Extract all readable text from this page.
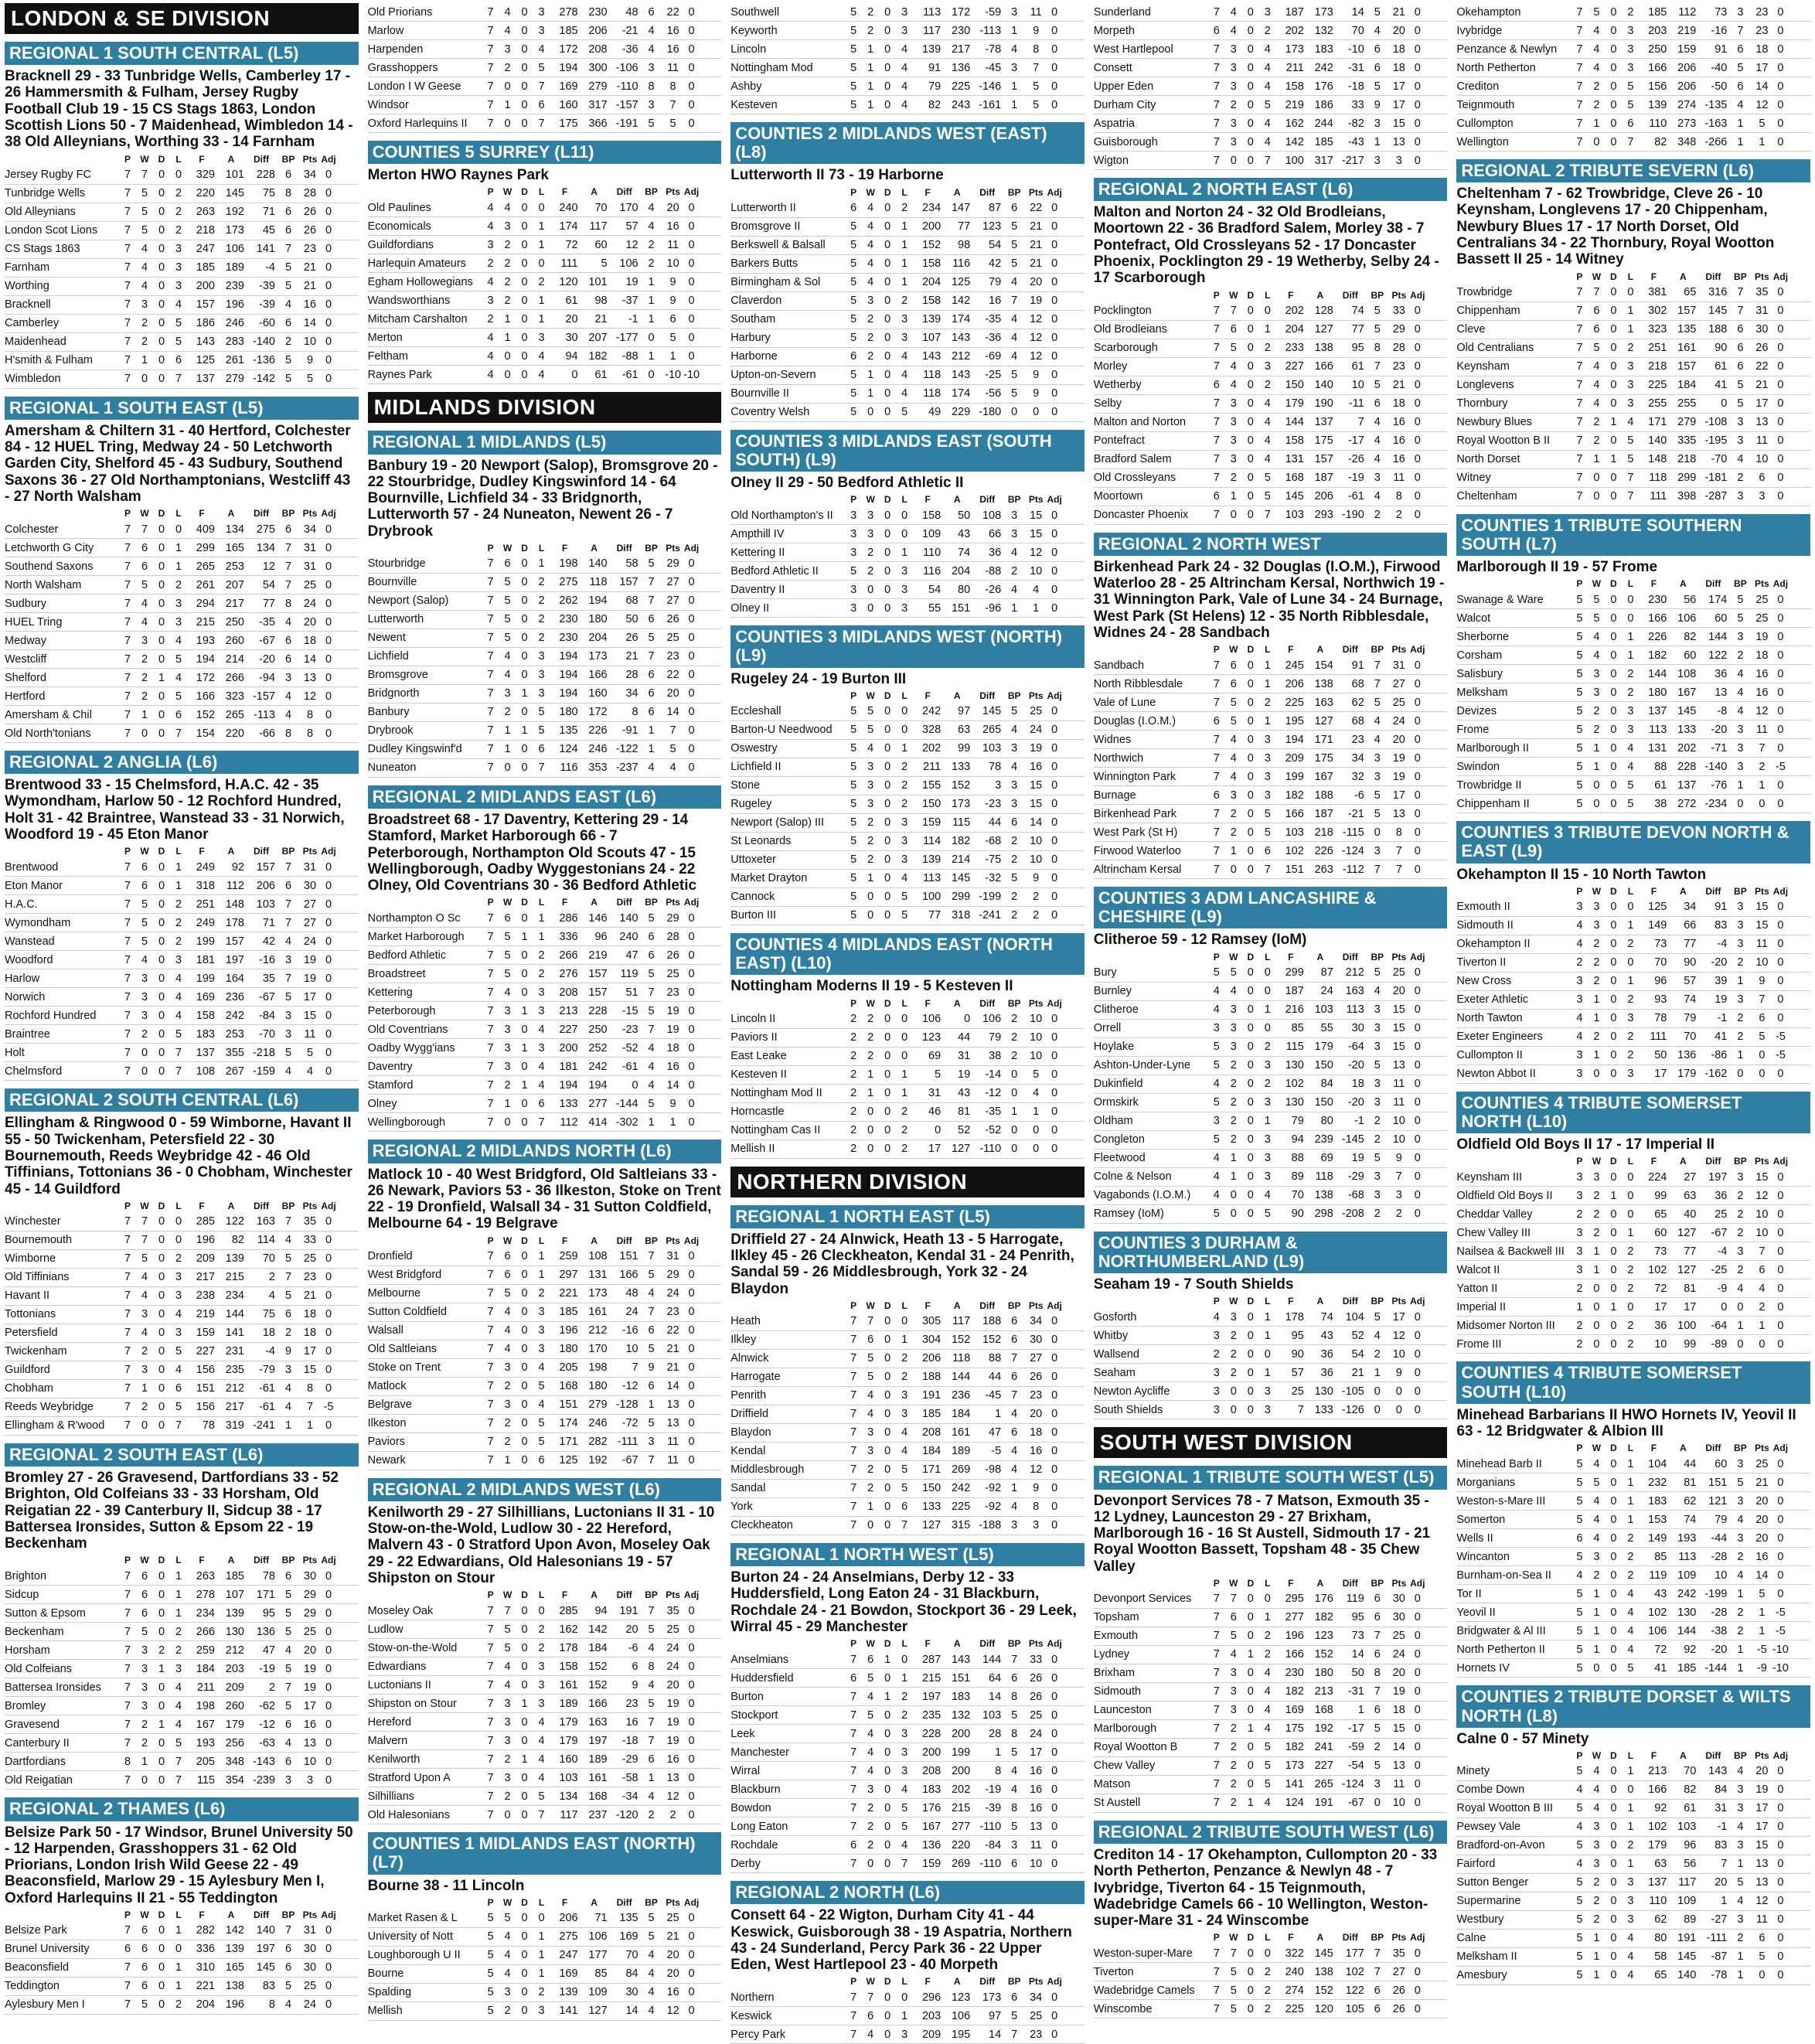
LONDON & SE DIVISION
REGIONAL 1 SOUTH CENTRAL (L5)
Bracknell 29 - 33 Tunbridge Wells, Camberley 17 - 26 Hammersmith & Fulham, Jersey Rugby Football Club 19 - 15 CS Stags 1863, London Scottish Lions 50 - 7 Maidenhead, Wimbledon 14 - 38 Old Alleynians, Worthing 33 - 14 Farnham
P	W	D	L	F	A	Diff	BP Pts Adj
Jersey Rugby FC	7 7 0 0	329 101	228 6	34 0
Tunbridge Wells	7 5 0 2	220 145	75 8	28 0
Old Alleynians	7 5 0 2	263 192	71 6	26 0
London Scot Lions	7 5 0 2	218 173	45 6	26 0
CS Stags 1863	7 4 0 3	247 106	141 7	23 0
Farnham	7 4 0 3	185 189	-4 5	21 0
Worthing	7 4 0 3	200 239	-39 5	21 0
Bracknell	7 3 0 4	157 196	-39 4	16 0
Camberley	7 2 0 5	186 246	-60 6	14 0
Maidenhead	7 2 0 5	143 283 -140 2	10 0
H'smith & Fulham	7 1 0 6	125 261 -136 5	9	0
Wimbledon	7 0 0 7	137 279 -142 5	5	0
REGIONAL 1 SOUTH EAST (L5)
Amersham & Chiltern 31 - 40 Hertford, Colchester 84 - 12 HUEL Tring, Medway 24 - 50 Letchworth Garden City, Shelford 45 - 43 Sudbury, Southend Saxons 36 - 27 Old Northamptonians, Westcliff 43 - 27 North Walsham
P	W	D	L	F	A	Diff	BP Pts Adj
Colchester	7 7 0 0	409 134	275 6	34 0
Letchworth G City	7 6 0 1	299 165	134 7	31 0
Southend Saxons	7 6 0 1	265 253	12 7	31 0
North Walsham	7 5 0 2	261 207	54 7	25 0
Sudbury	7 4 0 3	294 217	77 8	24 0
HUEL Tring	7 4 0 3	215 250	-35 4	20 0
Medway	7 3 0 4	193 260	-67 6	18 0
Westcliff	7 2 0 5	194 214	-20 6	14 0
Shelford	7 2 1 4	172 266	-94 3	13 0
Hertford	7 2 0 5	166 323 -157 4	12 0
Amersham & Chil	7 1 0 6	152 265 -113 4	8	0
Old North'tonians	7 0 0 7	154 220	-66 8	8	0
REGIONAL 2 ANGLIA (L6)
Brentwood 33 - 15 Chelmsford, H.A.C. 42 - 35 Wymondham, Harlow 50 - 12 Rochford Hundred, Holt 31 - 42 Braintree, Wanstead 33 - 31 Norwich, Woodford 19 - 45 Eton Manor
P	W	D	L	F	A	Diff	BP Pts Adj
Brentwood	7 6 0 1	249	92	157 7	31 0
Eton Manor	7 6 0 1	318	112	206 6	30 0
H.A.C.	7 5 0 2	251 148	103 7	27 0
Wymondham	7 5 0 2	249 178	71 7	27 0
Wanstead	7 5 0 2	199 157	42 4	24 0
Woodford	7 4 0 3	181 197	-16 3	19 0
Harlow	7 3 0 4	199 164	35 7	19 0
Norwich	7 3 0 4	169 236	-67 5	17 0
Rochford Hundred	7 3 0 4	158 242	-84 3	15 0
Braintree	7 2 0 5	183 253	-70 3	11 0
Holt	7 0 0 7	137 355 -218 5	5	0
Chelmsford	7 0 0 7	108 267 -159 4	4	0
REGIONAL 2 SOUTH CENTRAL (L6)
Ellingham & Ringwood 0 - 59 Wimborne, Havant II 55 - 50 Twickenham, Petersfield 22 - 30 Bournemouth, Reeds Weybridge 42 - 46 Old Tiffinians, Tottonians 36 - 0 Chobham, Winchester 45 - 14 Guildford
P	W	D	L	F	A	Diff	BP Pts Adj
Winchester	7 7 0 0	285 122	163 7	35 0
Bournemouth	7 7 0 0	196	82	114 4	33 0
Wimborne	7 5 0 2	209 139	70 5	25 0
Old Tiffinians	7 4 0 3	217 215	2 7	23 0
Havant II	7 4 0 3	238 234	4 5	21 0
Tottonians	7 3 0 4	219 144	75 6	18 0
Petersfield	7 4 0 3	159 141	18 2	18 0
Twickenham	7 2 0 5	227 231	-4 9	17 0
Guildford	7 3 0 4	156 235	-79 3	15 0
Chobham	7 1 0 6	151 212	-61 4	8	0
Reeds Weybridge	7 2 0 5	156 217	-61 4	7 -5
Ellingham & R'wood	7 0 0 7	78 319 -241 1	1	0
REGIONAL 2 SOUTH EAST (L6)
Bromley 27 - 26 Gravesend, Dartfordians 33 - 52 Brighton, Old Colfeians 33 - 33 Horsham, Old Reigatian 22 - 39 Canterbury II, Sidcup 38 - 17 Battersea Ironsides, Sutton & Epsom 22 - 19 Beckenham
P	W	D	L	F	A	Diff	BP Pts Adj
Brighton	7 6 0 1	263 185	78 6	30 0
Sidcup	7 6 0 1	278 107	171 5	29 0
Sutton & Epsom	7 6 0 1	234 139	95 5	29 0
Beckenham	7 5 0 2	266 130	136 5	25 0
Horsham	7 3 2 2	259 212	47 4	20 0
Old Colfeians	7 3 1 3	184 203	-19 5	19 0
Battersea Ironsides	7 3 0 4	211 209	2 7	19 0
Bromley	7 3 0 4	198 260	-62 5	17 0
Gravesend	7 2 1 4	167 179	-12 6	16 0
Canterbury II	7 2 0 5	193 256	-63 4	13 0
Dartfordians	8 1 0 7	205 348 -143 6	10 0
Old Reigatian	7 0 0 7	115 354 -239 3	3	0
REGIONAL 2 THAMES (L6)
Belsize Park 50 - 17 Windsor, Brunel University 50 - 12 Harpenden, Grasshoppers 31 - 62 Old Priorians, London Irish Wild Geese 22 - 49 Beaconsfield, Marlow 29 - 15 Aylesbury Men I, Oxford Harlequins II 21 - 55 Teddington
P	W	D	L	F	A	Diff	BP Pts Adj
Belsize Park	7 6 0 1	282 142	140 7	31 0
Brunel University	6 6 0 0	336 139	197 6	30 0
Beaconsfield	7 6 0 1	310 165	145 6	30 0
Teddington	7 6 0 1	221 138	83 5	25 0
Aylesbury Men I	7 5 0 2	204 196	8 4	24 0
Old Priorians	7 4 0 3	278 230	48 6	22 0
Marlow	7 4 0 3	185 206	-21 4	16 0
Harpenden	7 3 0 4	172 208	-36 4	16 0
Grasshoppers	7 2 0 5	194 300 -106 3	11 0
London I W Geese	7 0 0 7	169 279 -110 8	8	0
Windsor	7 1 0 6	160 317 -157 3	7	0
Oxford Harlequins II	7 0 0 7	175 366 -191 5	5	0
COUNTIES 5 SURREY (L11)
Merton HWO Raynes Park
P	W	D	L	F	A	Diff	BP Pts Adj
Old Paulines	4 4 0 0	240	70	170 4	20 0
Economicals	4 3 0 1	174	117	57 4	16 0
Guildfordians	3 2 0 1	72	60	12 2	11 0
Harlequin Amateurs	2 2 0 0	111	5	106 2	10 0
Egham Hollowegians	4 2 0 2	120 101	19 1	9	0
Wandsworthians	3 2 0 1	61	98	-37 1	9	0
Mitcham Carshalton	2 1 0 1	20	21	-1 1	6	0
Merton	4 1 0 3	30 207 -177 0	5	0
Feltham	4 0 0 4	94 182	-88 1	1	0
Raynes Park	4 0 0 4	0	61	-61 0 -10 -10
MIDLANDS DIVISION
REGIONAL 1 MIDLANDS (L5)
Banbury 19 - 20 Newport (Salop), Bromsgrove 20 - 22 Stourbridge, Dudley Kingswinford 14 - 64 Bournville, Lichfield 34 - 33 Bridgnorth, Lutterworth 57 - 24 Nuneaton, Newent 26 - 7 Drybrook
P	W	D	L	F	A	Diff	BP Pts Adj
Stourbridge	7 6 0 1	198 140	58 5	29 0
Bournville	7 5 0 2	275	118	157 7	27 0
Newport (Salop)	7 5 0 2	262 194	68 7	27 0
Lutterworth	7 5 0 2	230 180	50 6	26 0
Newent	7 5 0 2	230 204	26 5	25 0
Lichfield	7 4 0 3	194 173	21 7	23 0
Bromsgrove	7 4 0 3	194 166	28 6	22 0
Bridgnorth	7 3 1 3	194 160	34 6	20 0
Banbury	7 2 0 5	180 172	8 6	14 0
Drybrook	7 1 1 5	135 226	-91 1	7	0
Dudley Kingswinf'd	7 1 0 6	124 246 -122 1	5	0
Nuneaton	7 0 0 7	116 353 -237 4	4	0
REGIONAL 2 MIDLANDS EAST (L6)
Broadstreet 68 - 17 Daventry, Kettering 29 - 14 Stamford, Market Harborough 66 - 7 Peterborough, Northampton Old Scouts 47 - 15 Wellingborough, Oadby Wyggestonians 24 - 22 Olney, Old Coventrians 30 - 36 Bedford Athletic
P	W	D	L	F	A	Diff	BP Pts Adj
Northampton O Sc	7 6 0 1	286 146	140 5	29 0
Market Harborough	7 5 1 1	336	96	240 6	28 0
Bedford Athletic	7 5 0 2	266 219	47 6	26 0
Broadstreet	7 5 0 2	276 157	119 5	25 0
Kettering	7 4 0 3	208 157	51 7	23 0
Peterborough	7 3 1 3	213 228	-15 5	19 0
Old Coventrians	7 3 0 4	227 250	-23 7	19 0
Oadby Wygg'ians	7 3 1 3	200 252	-52 4	18 0
Daventry	7 3 0 4	181 242	-61 4	16 0
Stamford	7 2 1 4	194 194	0 4	14 0
Olney	7 1 0 6	133 277 -144 5	9	0
Wellingborough	7 0 0 7	112 414 -302 1	1	0
REGIONAL 2 MIDLANDS NORTH (L6)
Matlock 10 - 40 West Bridgford, Old Saltleians 33 - 26 Newark, Paviors 53 - 36 Ilkeston, Stoke on Trent 22 - 19 Dronfield, Walsall 34 - 31 Sutton Coldfield, Melbourne 64 - 19 Belgrave
P	W	D	L	F	A	Diff	BP Pts Adj
Dronfield	7 6 0 1	259 108	151 7	31 0
West Bridgford	7 6 0 1	297 131	166 5	29 0
Melbourne	7 5 0 2	221 173	48 4	24 0
Sutton Coldfield	7 4 0 3	185 161	24 7	23 0
Walsall	7 4 0 3	196 212	-16 6	22 0
Old Saltleians	7 4 0 3	180 170	10 5	21 0
Stoke on Trent	7 3 0 4	205 198	7 9	21 0
Matlock	7 2 0 5	168 180	-12 6	14 0
Belgrave	7 3 0 4	151 279 -128 1	13 0
Ilkeston	7 2 0 5	174 246	-72 5	13 0
Paviors	7 2 0 5	171 282 -111 3	11 0
Newark	7 1 0 6	125 192	-67 7	11 0
REGIONAL 2 MIDLANDS WEST (L6)
Kenilworth 29 - 27 Silhillians, Luctonians II 31 - 10 Stow-on-the-Wold, Ludlow 30 - 22 Hereford, Malvern 43 - 0 Stratford Upon Avon, Moseley Oak 29 - 22 Edwardians, Old Halesonians 19 - 57 Shipston on Stour
P	W	D	L	F	A	Diff	BP Pts Adj
Moseley Oak	7 7 0 0	285	94	191 7	35 0
Ludlow	7 5 0 2	162 142	20 5	25 0
Stow-on-the-Wold	7 5 0 2	178 184	-6 4	24 0
Edwardians	7 4 0 3	158 152	6 8	24 0
Luctonians II	7 4 0 3	161 152	9 4	20 0
Shipston on Stour	7 3 1 3	189 166	23 5	19 0
Hereford	7 3 0 4	179 163	16 7	19 0
Malvern	7 3 0 4	179 197	-18 7	19 0
Kenilworth	7 2 1 4	160 189	-29 6	16 0
Stratford Upon A	7 3 0 4	103 161	-58 1	13 0
Silhillians	7 2 0 5	134 168	-34 4	12 0
Old Halesonians	7 0 0 7	117 237 -120 2	2	0
COUNTIES 1 MIDLANDS EAST (NORTH) (L7)
Bourne 38 - 11 Lincoln
P	W	D	L	F	A	Diff	BP Pts Adj
Market Rasen & L	5 5 0 0	206	71	135 5	25 0
University of Nott	5 4 0 1	275 106	169 5	21 0
Loughborough U II	5 4 0 1	247 177	70 4	20 0
Bourne	5 4 0 1	169	85	84 4	20 0
Spalding	5 3 0 2	139 109	30 4	16 0
Mellish	5 2 0 3	141 127	14 4	12 0
Southwell	5 2 0 3	113 172	-59 3	11 0
Keyworth	5 2 0 3	117 230 -113 1	9	0
Lincoln	5 1 0 4	139 217	-78 4	8	0
Nottingham Mod	5 1 0 4	91 136	-45 3	7	0
Ashby	5 1 0 4	79 225 -146 1	5	0
Kesteven	5 1 0 4	82 243 -161 1	5	0
COUNTIES 2 MIDLANDS WEST (EAST) (L8)
Lutterworth II 73 - 19 Harborne
P	W	D	L	F	A	Diff	BP Pts Adj
Lutterworth II	6 4 0 2	234 147	87 6	22 0
Bromsgrove II	5 4 0 1	200	77	123 5	21 0
Berkswell & Balsall	5 4 0 1	152	98	54 5	21 0
Barkers Butts	5 4 0 1	158	116	42 5	21 0
Birmingham & Sol	5 4 0 1	204 125	79 4	20 0
Claverdon	5 3 0 2	158 142	16 7	19 0
Southam	5 2 0 3	139 174	-35 4	12 0
Harbury	5 2 0 3	107 143	-36 4	12 0
Harborne	6 2 0 4	143 212	-69 4	12 0
Upton-on-Severn	5 1 0 4	118 143	-25 5	9	0
Bournville II	5 1 0 4	118 174	-56 5	9	0
Coventry Welsh	5 0 0 5	49 229 -180 0	0	0
COUNTIES 3 MIDLANDS EAST (SOUTH SOUTH) (L9)
Olney II 29 - 50 Bedford Athletic II
P	W	D	L	F	A	Diff	BP Pts Adj
Old Northampton's II	3 3 0 0	158	50	108 3	15 0
Ampthill IV	3 3 0 0	109	43	66 3	15 0
Kettering II	3 2 0 1	110	74	36 4	12 0
Bedford Athletic II	5 2 0 3	116 204	-88 2	10 0
Daventry II	3 0 0 3	54	80	-26 4	4	0
Olney II	3 0 0 3	55 151	-96 1	1	0
COUNTIES 3 MIDLANDS WEST (NORTH) (L9)
Rugeley 24 - 19 Burton III
P	W	D	L	F	A	Diff	BP Pts Adj
Eccleshall	5 5 0 0	242	97	145 5	25 0
Barton-U Needwood	5 5 0 0	328	63	265 4	24 0
Oswestry	5 4 0 1	202	99	103 3	19 0
Lichfield II	5 3 0 2	211 133	78 4	16 0
Stone	5 3 0 2	155 152	3 3	15 0
Rugeley	5 3 0 2	150 173	-23 3	15 0
Newport (Salop) III	5 2 0 3	159	115	44 6	14 0
St Leonards	5 2 0 3	114 182	-68 2	10 0
Uttoxeter	5 2 0 3	139 214	-75 2	10 0
Market Drayton	5 1 0 4	113 145	-32 5	9	0
Cannock	5 0 0 5	100 299 -199 2	2	0
Burton III	5 0 0 5	77 318 -241 2	2	0
COUNTIES 4 MIDLANDS EAST (NORTH EAST) (L10)
Nottingham Moderns II 19 - 5 Kesteven II
P	W	D	L	F	A	Diff	BP Pts Adj
Lincoln II	2 2 0 0	106	0	106 2	10 0
Paviors II	2 2 0 0	123	44	79 2	10 0
East Leake	2 2 0 0	69	31	38 2	10 0
Kesteven II	2 1 0 1	5	19	-14 0	5	0
Nottingham Mod II	2 1 0 1	31	43	-12 0	4	0
Horncastle	2 0 0 2	46	81	-35 1	1	0
Nottingham Cas II	2 0 0 2	0	52	-52 0	0	0
Mellish II	2 0 0 2	17 127 -110 0	0	0
NORTHERN DIVISION
REGIONAL 1 NORTH EAST (L5)
Driffield 27 - 24 Alnwick, Heath 13 - 5 Harrogate, Ilkley 45 - 26 Cleckheaton, Kendal 31 - 24 Penrith, Sandal 59 - 26 Middlesbrough, York 32 - 24 Blaydon
P	W	D	L	F	A	Diff	BP Pts Adj
Heath	7 7 0 0	305	117	188 6	34 0
Ilkley	7 6 0 1	304 152	152 6	30 0
Alnwick	7 5 0 2	206	118	88 7	27 0
Harrogate	7 5 0 2	188 144	44 6	26 0
Penrith	7 4 0 3	191 236	-45 7	23 0
Driffield	7 4 0 3	185 184	1 4	20 0
Blaydon	7 3 0 4	208 161	47 6	18 0
Kendal	7 3 0 4	184 189	-5 4	16 0
Middlesbrough	7 2 0 5	171 269	-98 4	12 0
Sandal	7 2 0 5	150 242	-92 1	9	0
York	7 1 0 6	133 225	-92 4	8	0
Cleckheaton	7 0 0 7	127 315 -188 3	3	0
REGIONAL 1 NORTH WEST (L5)
Burton 24 - 24 Anselmians, Derby 12 - 33 Huddersfield, Long Eaton 24 - 31 Blackburn, Rochdale 24 - 21 Bowdon, Stockport 36 - 29 Leek, Wirral 45 - 29 Manchester
P	W	D	L	F	A	Diff	BP Pts Adj
Anselmians	7 6 1 0	287 143	144 7	33 0
Huddersfield	6 5 0 1	215 151	64 6	26 0
Burton	7 4 1 2	197 183	14 8	26 0
Stockport	7 5 0 2	235 132	103 5	25 0
Leek	7 4 0 3	228 200	28 8	24 0
Manchester	7 4 0 3	200 199	1 5	17 0
Wirral	7 4 0 3	208 200	8 4	16 0
Blackburn	7 3 0 4	183 202	-19 4	16 0
Bowdon	7 2 0 5	176 215	-39 8	16 0
Long Eaton	7 2 0 5	167 277 -110 5	13 0
Rochdale	6 2 0 4	136 220	-84 3	11 0
Derby	7 0 0 7	159 269 -110 6	10 0
REGIONAL 2 NORTH (L6)
Consett 64 - 22 Wigton, Durham City 41 - 44 Keswick, Guisborough 38 - 19 Aspatria, Northern 43 - 24 Sunderland, Percy Park 36 - 22 Upper Eden, West Hartlepool 23 - 40 Morpeth
P	W	D	L	F	A	Diff	BP Pts Adj
Northern	7 7 0 0	296 123	173 6	34 0
Keswick	7 6 0 1	203 106	97 5	25 0
Percy Park	7 4 0 3	209 195	14 7	23 0
Sunderland	7 4 0 3	187 173	14 5	21 0
Morpeth	6 4 0 2	202 132	70 4	20 0
West Hartlepool	7 3 0 4	173 183	-10 6	18 0
Consett	7 3 0 4	211 242	-31 6	18 0
Upper Eden	7 3 0 4	158 176	-18 5	17 0
Durham City	7 2 0 5	219 186	33 9	17 0
Aspatria	7 3 0 4	162 244	-82 3	15 0
Guisborough	7 3 0 4	142 185	-43 1	13 0
Wigton	7 0 0 7	100 317 -217 3	3	0
REGIONAL 2 NORTH EAST (L6)
Malton and Norton 24 - 32 Old Brodleians, Moortown 22 - 36 Bradford Salem, Morley 38 - 7 Pontefract, Old Crossleyans 52 - 17 Doncaster Phoenix, Pocklington 29 - 19 Wetherby, Selby 24 - 17 Scarborough
P	W	D	L	F	A	Diff	BP Pts Adj
Pocklington	7 7 0 0	202 128	74 5	33 0
Old Brodleians	7 6 0 1	204 127	77 5	29 0
Scarborough	7 5 0 2	233 138	95 8	28 0
Morley	7 4 0 3	227 166	61 7	23 0
Wetherby	6 4 0 2	150 140	10 5	21 0
Selby	7 3 0 4	179 190	-11 6	18 0
Malton and Norton	7 3 0 4	144 137	7 4	16 0
Pontefract	7 3 0 4	158 175	-17 4	16 0
Bradford Salem	7 3 0 4	131 157	-26 4	16 0
Old Crossleyans	7 2 0 5	168 187	-19 3	11 0
Moortown	6 1 0 5	145 206	-61 4	8	0
Doncaster Phoenix	7 0 0 7	103 293 -190 2	2	0
REGIONAL 2 NORTH WEST
Birkenhead Park 24 - 32 Douglas (I.O.M.), Firwood Waterloo 28 - 25 Altrincham Kersal, Northwich 19 - 31 Winnington Park, Vale of Lune 34 - 24 Burnage, West Park (St Helens) 12 - 35 North Ribblesdale, Widnes 24 - 28 Sandbach
P	W	D	L	F	A	Diff	BP Pts Adj
Sandbach	7 6 0 1	245 154	91 7	31 0
North Ribblesdale	7 6 0 1	206 138	68 7	27 0
Vale of Lune	7 5 0 2	225 163	62 5	25 0
Douglas (I.O.M.)	6 5 0 1	195 127	68 4	24 0
Widnes	7 4 0 3	194 171	23 4	20 0
Northwich	7 4 0 3	209 175	34 3	19 0
Winnington Park	7 4 0 3	199 167	32 3	19 0
Burnage	6 3 0 3	182 188	-6 5	17 0
Birkenhead Park	7 2 0 5	166 187	-21 5	13 0
West Park (St H)	7 2 0 5	103 218 -115 0	8	0
Firwood Waterloo	7 1 0 6	102 226 -124 3	7	0
Altrincham Kersal	7 0 0 7	151 263 -112 7	7	0
COUNTIES 3 ADM LANCASHIRE & CHESHIRE (L9)
Clitheroe 59 - 12 Ramsey (IoM)
P	W	D	L	F	A	Diff	BP Pts Adj
Bury	5 5 0 0	299	87	212 5	25 0
Burnley	4 4 0 0	187	24	163 4	20 0
Clitheroe	4 3 0 1	216 103	113 3	15 0
Orrell	3 3 0 0	85	55	30 3	15 0
Hoylake	5 3 0 2	115 179	-64 3	15 0
Ashton-Under-Lyne	5 2 0 3	130 150	-20 5	13 0
Dukinfield	4 2 0 2	102	84	18 3	11 0
Ormskirk	5 2 0 3	130 150	-20 3	11 0
Oldham	3 2 0 1	79	80	-1 2	10 0
Congleton	5 2 0 3	94 239 -145 2	10 0
Fleetwood	4 1 0 3	88	69	19 5	9	0
Colne & Nelson	4 1 0 3	89	118	-29 3	7	0
Vagabonds (I.O.M.)	4 0 0 4	70 138	-68 3	3	0
Ramsey (IoM)	5 0 0 5	90 298 -208 2	2	0
COUNTIES 3 DURHAM & NORTHUMBERLAND (L9)
Seaham 19 - 7 South Shields
P	W	D	L	F	A	Diff	BP Pts Adj
Gosforth	4 3 0 1	178	74	104 5	17 0
Whitby	3 2 0 1	95	43	52 4	12 0
Wallsend	2 2 0 0	90	36	54 2	10 0
Seaham	3 2 0 1	57	36	21 1	9	0
Newton Aycliffe	3 0 0 3	25 130 -105 0	0	0
South Shields	3 0 0 3	7 133 -126 0	0	0
SOUTH WEST DIVISION
REGIONAL 1 TRIBUTE SOUTH WEST (L5)
Devonport Services 78 - 7 Matson, Exmouth 35 - 12 Lydney, Launceston 29 - 27 Brixham, Marlborough 16 - 16 St Austell, Sidmouth 17 - 21 Royal Wootton Bassett, Topsham 48 - 35 Chew Valley
P	W	D	L	F	A	Diff	BP Pts Adj
Devonport Services	7 7 0 0	295 176	119 6	30 0
Topsham	7 6 0 1	277 182	95 6	30 0
Exmouth	7 5 0 2	196 123	73 7	25 0
Lydney	7 4 1 2	166 152	14 6	24 0
Brixham	7 3 0 4	230 180	50 8	20 0
Sidmouth	7 3 0 4	182 213	-31 7	19 0
Launceston	7 3 0 4	169 168	1 6	18 0
Marlborough	7 2 1 4	175 192	-17 5	15 0
Royal Wootton B	7 2 0 5	182 241	-59 2	14 0
Chew Valley	7 2 0 5	173 227	-54 5	13 0
Matson	7 2 0 5	141 265 -124 3	11 0
St Austell	7 2 1 4	124 191	-67 0	10 0
REGIONAL 2 TRIBUTE SOUTH WEST (L6)
Crediton 14 - 17 Okehampton, Cullompton 20 - 33 North Petherton, Penzance & Newlyn 48 - 7 Ivybridge, Tiverton 64 - 15 Teignmouth, Wadebridge Camels 66 - 10 Wellington, Weston-super-Mare 31 - 24 Winscombe
P	W	D	L	F	A	Diff	BP Pts Adj
Weston-super-Mare	7 7 0 0	322 145	177 7	35 0
Tiverton	7 5 0 2	240 138	102 7	27 0
Wadebridge Camels	7 5 0 2	274 152	122 6	26 0
Winscombe	7 5 0 2	225 120	105 6	26 0
Okehampton	7 5 0 2	185	112	73 3	23 0
Ivybridge	7 4 0 3	203 219	-16 7	23 0
Penzance & Newlyn	7 4 0 3	250 159	91 6	18 0
North Petherton	7 4 0 3	166 206	-40 5	17 0
Crediton	7 2 0 5	156 206	-50 6	14 0
Teignmouth	7 2 0 5	139 274 -135 4	12 0
Cullompton	7 1 0 6	110 273 -163 1	5	0
Wellington	7 0 0 7	82 348 -266 1	1	0
REGIONAL 2 TRIBUTE SEVERN (L6)
Cheltenham 7 - 62 Trowbridge, Cleve 26 - 10 Keynsham, Longlevens 17 - 20 Chippenham, Newbury Blues 17 - 17 North Dorset, Old Centralians 34 - 22 Thornbury, Royal Wootton Bassett II 25 - 14 Witney
P	W	D	L	F	A	Diff	BP Pts Adj
Trowbridge	7 7 0 0	381	65	316 7	35 0
Chippenham	7 6 0 1	302 157	145 7	31 0
Cleve	7 6 0 1	323 135	188 6	30 0
Old Centralians	7 5 0 2	251 161	90 6	26 0
Keynsham	7 4 0 3	218 157	61 6	22 0
Longlevens	7 4 0 3	225 184	41 5	21 0
Thornbury	7 4 0 3	255 255	0 5	17 0
Newbury Blues	7 2 1 4	171 279 -108 3	13 0
Royal Wootton B II	7 2 0 5	140 335 -195 3	11 0
North Dorset	7 1 1 5	148 218	-70 4	10 0
Witney	7 0 0 7	118 299 -181 2	6	0
Cheltenham	7 0 0 7	111 398 -287 3	3	0
COUNTIES 1 TRIBUTE SOUTHERN SOUTH (L7)
Marlborough II 19 - 57 Frome
P	W	D	L	F	A	Diff	BP Pts Adj
Swanage & Ware	5 5 0 0	230	56	174 5	25 0
Walcot	5 5 0 0	166 106	60 5	25 0
Sherborne	5 4 0 1	226	82	144 3	19 0
Corsham	5 4 0 1	182	60	122 2	18 0
Salisbury	5 3 0 2	144 108	36 4	16 0
Melksham	5 3 0 2	180 167	13 4	16 0
Devizes	5 2 0 3	137 145	-8 4	12 0
Frome	5 2 0 3	113 133	-20 3	11 0
Marlborough II	5 1 0 4	131 202	-71 3	7	0
Swindon	5 1 0 4	88 228 -140 3	2 -5
Trowbridge II	5 0 0 5	61 137	-76 1	1	0
Chippenham II	5 0 0 5	38 272 -234 0	0	0
COUNTIES 3 TRIBUTE DEVON NORTH & EAST (L9)
Okehampton II 15 - 10 North Tawton
P	W	D	L	F	A	Diff	BP Pts Adj
Exmouth II	3 3 0 0	125	34	91 3	15 0
Sidmouth II	4 3 0 1	149	66	83 3	15 0
Okehampton II	4 2 0 2	73	77	-4 3	11 0
Tiverton II	2 2 0 0	70	90	-20 2	10 0
New Cross	3 2 0 1	96	57	39 1	9	0
Exeter Athletic	3 1 0 2	93	74	19 3	7	0
North Tawton	4 1 0 3	78	79	-1 2	6	0
Exeter Engineers	4 2 0 2	111	70	41 2	5 -5
Cullompton II	3 1 0 2	50 136	-86 1	0 -5
Newton Abbot II	3 0 0 3	17 179 -162 0	0	0
COUNTIES 4 TRIBUTE SOMERSET NORTH (L10)
Oldfield Old Boys II 17 - 17 Imperial II
P	W	D	L	F	A	Diff	BP Pts Adj
Keynsham III	3 3 0 0	224	27	197 3	15 0
Oldfield Old Boys II	3 2 1 0	99	63	36 2	12 0
Cheddar Valley	2 2 0 0	65	40	25 2	10 0
Chew Valley III	3 2 0 1	60 127	-67 2	10 0
Nailsea & Backwell III	3 1 0 2	73	77	-4 3	7	0
Walcot II	3 1 0 2	102 127	-25 2	6	0
Yatton II	2 0 0 2	72	81	-9 4	4	0
Imperial II	1 0 1 0	17	17	0 0	2	0
Midsomer Norton III	2 0 0 2	36 100	-64 1	1	0
Frome III	2 0 0 2	10	99	-89 0	0	0
COUNTIES 4 TRIBUTE SOMERSET SOUTH (L10)
Minehead Barbarians II HWO Hornets IV, Yeovil II 63 - 12 Bridgwater & Albion III
P	W	D	L	F	A	Diff	BP Pts Adj
Minehead Barb II	5 4 0 1	104	44	60 3	25 0
Morganians	5 5 0 1	232	81	151 5	21 0
Weston-s-Mare III	5 4 0 1	183	62	121 3	20 0
Somerton	5 4 0 1	153	74	79 4	20 0
Wells II	6 4 0 2	149 193	-44 3	20 0
Wincanton	5 3 0 2	85	113	-28 2	16 0
Burnham-on-Sea II	4 2 0 2	119 109	10 4	14 0
Tor II	5 1 0 4	43 242 -199 1	5	0
Yeovil II	5 1 0 4	102 130	-28 2	1 -5
Bridgwater & Al III	5 1 0 4	106 144	-38 2	1 -5
North Petherton II	5 1 0 4	72	92	-20 1	-5 -10
Hornets IV	5 0 0 5	41 185 -144 1	-9 -10
COUNTIES 2 TRIBUTE DORSET & WILTS NORTH (L8)
Calne 0 - 57 Minety
P	W	D	L	F	A	Diff	BP Pts Adj
Minety	5 4 0 1	213	70	143 4	20 0
Combe Down	4 4 0 0	166	82	84 3	19 0
Royal Wootton B III	5 4 0 1	92	61	31 3	17 0
Pewsey Vale	4 3 0 1	102 103	-1 4	17 0
Bradford-on-Avon	5 3 0 2	179	96	83 3	15 0
Fairford	4 3 0 1	63	56	7 1	13 0
Sutton Benger	5 2 0 3	137	117	20 5	13 0
Supermarine	5 2 0 3	110 109	1 4	12 0
Westbury	5 2 0 3	62	89	-27 3	11 0
Calne	5 1 0 4	80 191 -111 2	6	0
Melksham II	5 1 0 4	58 145	-87 1	5	0
Amesbury	5 1 0 4	65 140	-78 1	0	0
